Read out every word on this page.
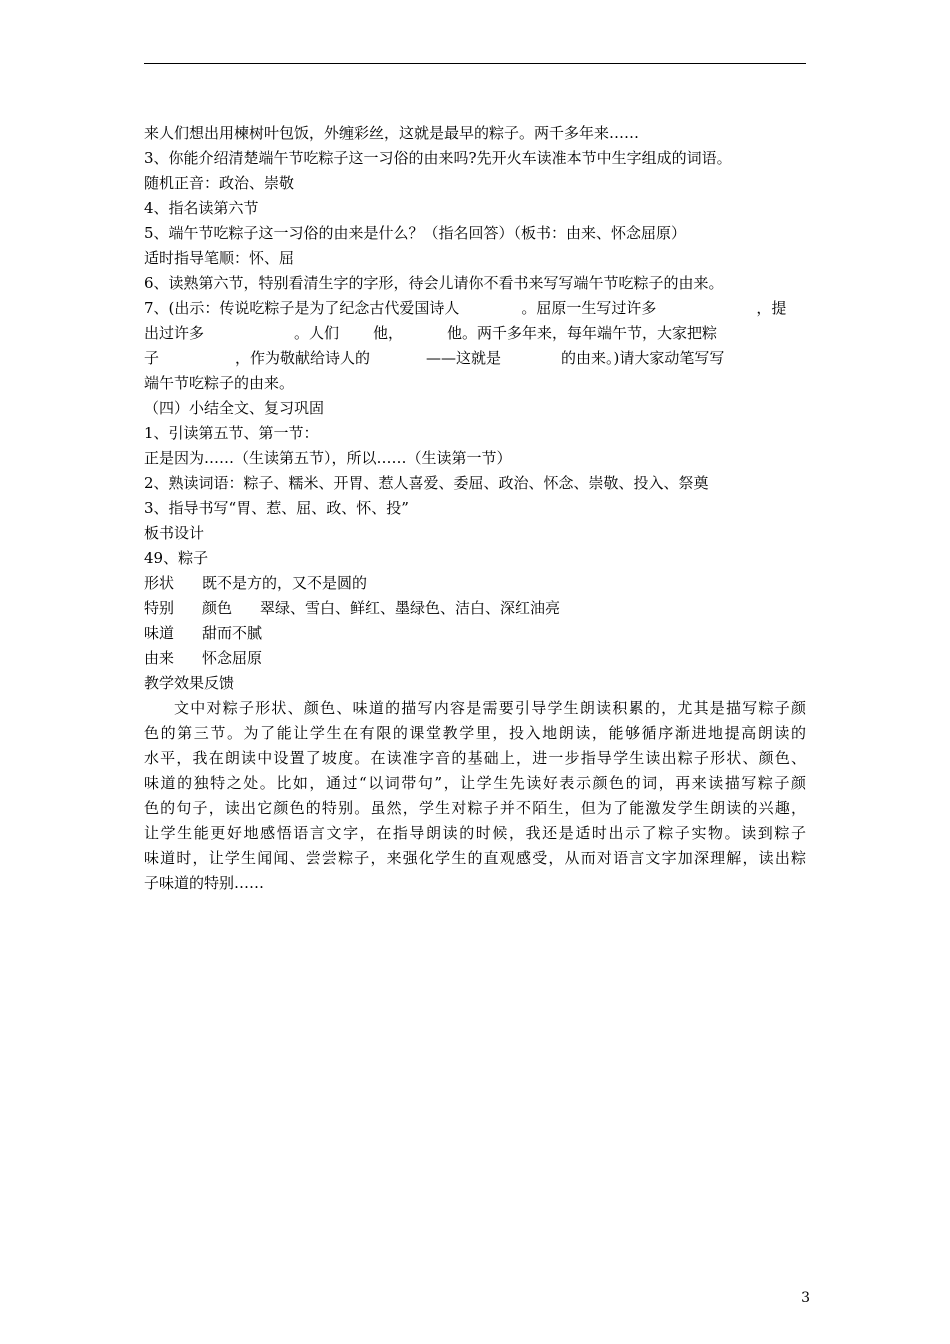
来人们想出用楝树叶包饭，外缠彩丝，这就是最早的粽子。两千多年来……
3、你能介绍清楚端午节吃粽子这一习俗的由来吗?先开火车读准本节中生字组成的词语。
随机正音：政治、崇敬
4、指名读第六节
5、端午节吃粽子这一习俗的由来是什么？（指名回答）（板书：由来、怀念屈原）
适时指导笔顺：怀、屈
6、读熟第六节，特别看清生字的字形，待会儿请你不看书来写写端午节吃粽子的由来。
7、(出示：传说吃粽子是为了纪念古代爱国诗人	。屈原一生写过许多	，提
出过许多	。人们 他，	他。两千多年来，每年端午节，大家把粽
子	，作为敬献给诗人的	——这就是	的由来。)请大家动笔写写
端午节吃粽子的由来。
（四）小结全文、复习巩固
1、引读第五节、第一节：
正是因为……（生读第五节），所以……（生读第一节）
2、熟读词语：粽子、糯米、开胃、惹人喜爱、委屈、政治、怀念、崇敬、投入、祭奠
3、指导书写“胃、惹、屈、政、怀、投”
板书设计
49、粽子
形状 既不是方的，又不是圆的
特别 颜色 翠绿、雪白、鲜红、墨绿色、洁白、深红油亮
味道 甜而不腻
由来 怀念屈原
教学效果反馈
文中对粽子形状、颜色、味道的描写内容是需要引导学生朗读积累的，尤其是描写粽子颜
色的第三节。为了能让学生在有限的课堂教学里，投入地朗读，能够循序渐进地提高朗读的
水平，我在朗读中设置了坡度。在读准字音的基础上，进一步指导学生读出粽子形状、颜色、
味道的独特之处。比如，通过“以词带句”，让学生先读好表示颜色的词，再来读描写粽子颜
色的句子，读出它颜色的特别。虽然，学生对粽子并不陌生，但为了能激发学生朗读的兴趣，
让学生能更好地感悟语言文字，在指导朗读的时候，我还是适时出示了粽子实物。读到粽子
味道时，让学生闻闻、尝尝粽子，来强化学生的直观感受，从而对语言文字加深理解，读出粽
子味道的特别……
3
